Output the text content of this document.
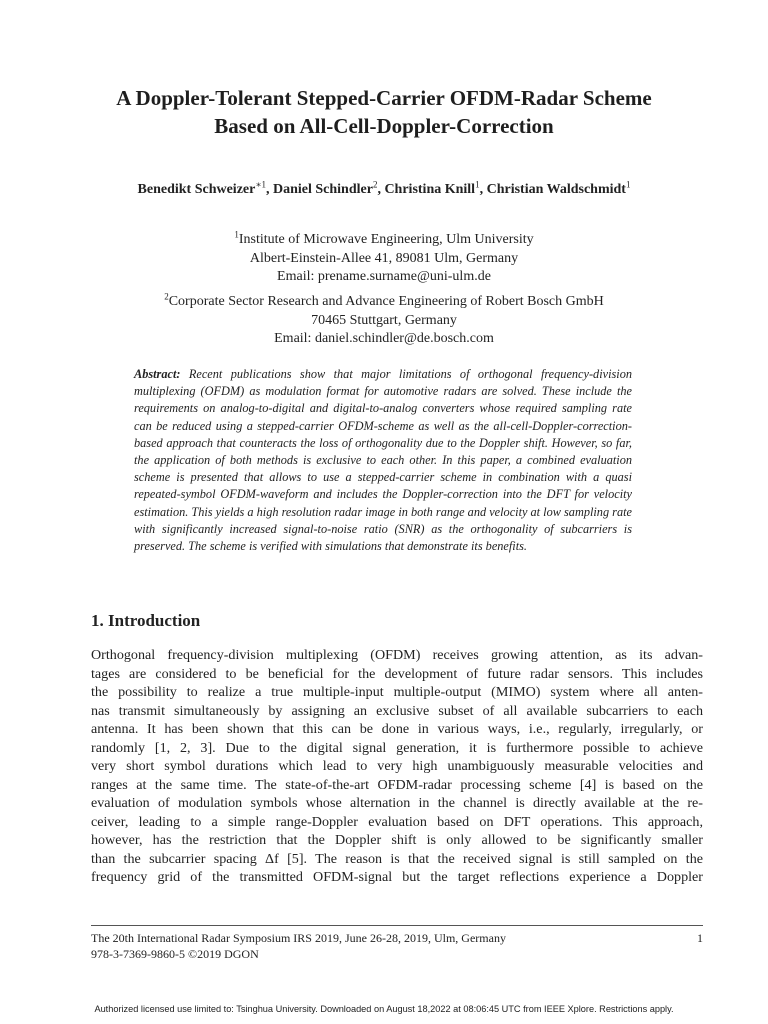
A Doppler-Tolerant Stepped-Carrier OFDM-Radar Scheme
Based on All-Cell-Doppler-Correction
Benedikt Schweizer$^{∗1}$, Daniel Schindler$^2$, Christina Knill$^1$, Christian Waldschmidt$^1$
$^1$Institute of Microwave Engineering, Ulm University
Albert-Einstein-Allee 41, 89081 Ulm, Germany
Email: prename.surname@uni-ulm.de
$^2$Corporate Sector Research and Advance Engineering of Robert Bosch GmbH
70465 Stuttgart, Germany
Email: daniel.schindler@de.bosch.com
Abstract: Recent publications show that major limitations of orthogonal frequency-division multiplexing (OFDM) as modulation format for automotive radars are solved. These include the requirements on analog-to-digital and digital-to-analog converters whose required sampling rate can be reduced using a stepped-carrier OFDM-scheme as well as the all-cell-Doppler-correction-based approach that counteracts the loss of orthogonality due to the Doppler shift. However, so far, the application of both methods is exclusive to each other. In this paper, a combined evaluation scheme is presented that allows to use a stepped-carrier scheme in combination with a quasi repeated-symbol OFDM-waveform and includes the Doppler-correction into the DFT for velocity estimation. This yields a high resolution radar image in both range and velocity at low sampling rate with significantly increased signal-to-noise ratio (SNR) as the orthogonality of subcarriers is preserved. The scheme is verified with simulations that demonstrate its benefits.
1. Introduction
Orthogonal frequency-division multiplexing (OFDM) receives growing attention, as its advan-
tages are considered to be beneficial for the development of future radar sensors. This includes
the possibility to realize a true multiple-input multiple-output (MIMO) system where all anten-
nas transmit simultaneously by assigning an exclusive subset of all available subcarriers to each
antenna. It has been shown that this can be done in various ways, i.e., regularly, irregularly, or
randomly [1, 2, 3]. Due to the digital signal generation, it is furthermore possible to achieve
very short symbol durations which lead to very high unambiguously measurable velocities and
ranges at the same time. The state-of-the-art OFDM-radar processing scheme [4] is based on the
evaluation of modulation symbols whose alternation in the channel is directly available at the re-
ceiver, leading to a simple range-Doppler evaluation based on DFT operations. This approach,
however, has the restriction that the Doppler shift is only allowed to be significantly smaller
than the subcarrier spacing Δf [5]. The reason is that the received signal is still sampled on the
frequency grid of the transmitted OFDM-signal but the target reflections experience a Doppler
The 20th International Radar Symposium IRS 2019, June 26-28, 2019, Ulm, Germany
978-3-7369-9860-5 ©2019 DGON
1
Authorized licensed use limited to: Tsinghua University. Downloaded on August 18,2022 at 08:06:45 UTC from IEEE Xplore. Restrictions apply.
